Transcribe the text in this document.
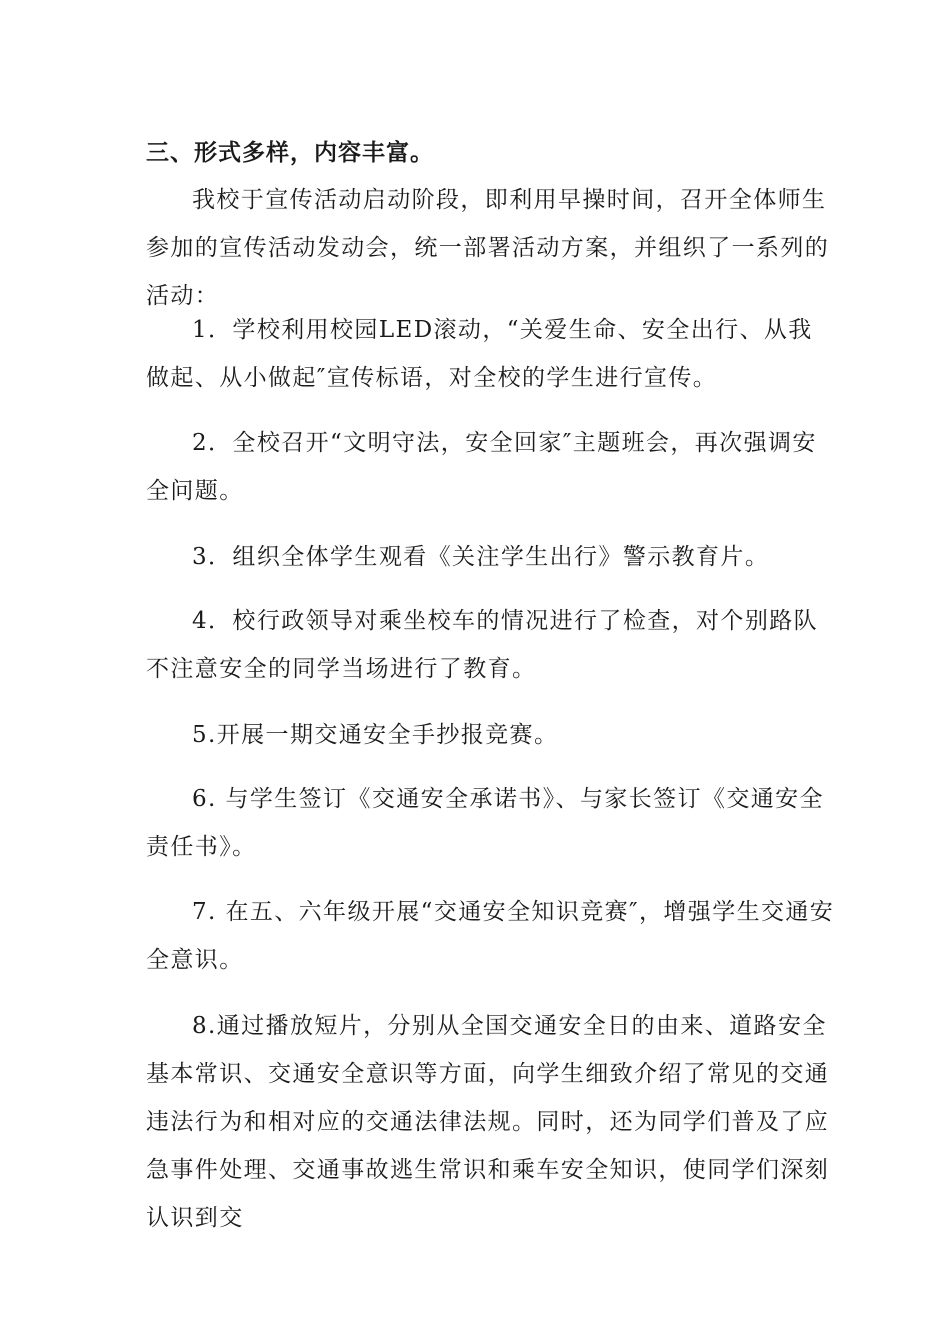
三、形式多样，内容丰富。

我校于宣传活动启动阶段，即利用早操时间，召开全体师生参加的宣传活动发动会，统一部署活动方案，并组织了一系列的活动：

1．学校利用校园LED滚动，“关爱生命、安全出行、从我做起、从小做起″宣传标语，对全校的学生进行宣传。

2．全校召开“文明守法，安全回家″主题班会，再次强调安全问题。

3．组织全体学生观看《关注学生出行》警示教育片。

4．校行政领导对乘坐校车的情况进行了检查，对个别路队不注意安全的同学当场进行了教育。

5.开展一期交通安全手抄报竞赛。

6. 与学生签订《交通安全承诺书》、与家长签订《交通安全责任书》。

7. 在五、六年级开展“交通安全知识竞赛″，增强学生交通安全意识。

8.通过播放短片，分别从全国交通安全日的由来、道路安全基本常识、交通安全意识等方面，向学生细致介绍了常见的交通违法行为和相对应的交通法律法规。同时，还为同学们普及了应急事件处理、交通事故逃生常识和乘车安全知识，使同学们深刻认识到交
